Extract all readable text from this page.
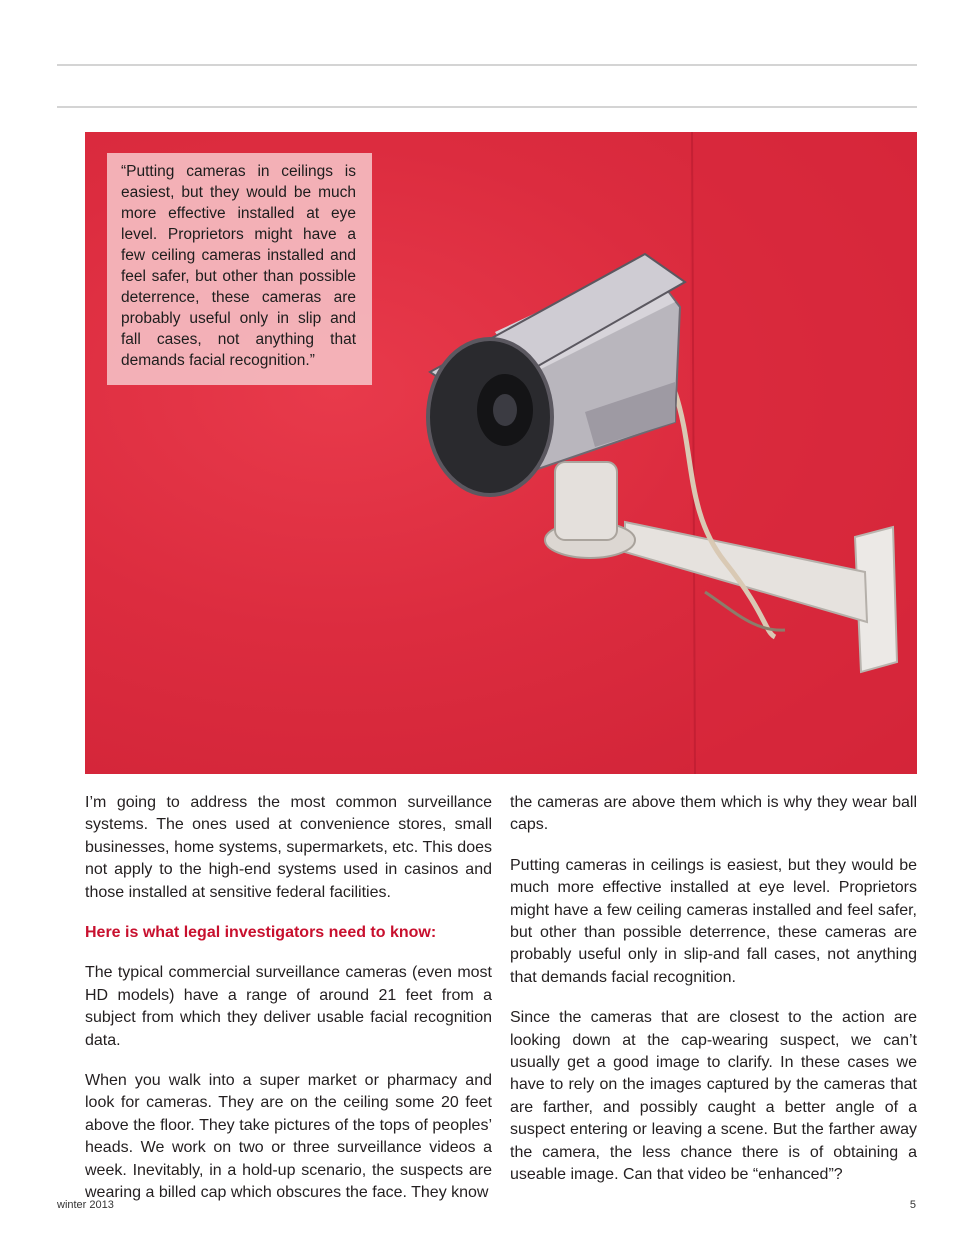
“Putting cameras in ceilings is easiest, but they would be much more effective installed at eye level. Proprietors might have a few ceiling cameras installed and feel safer, but other than possible deterrence, these cameras are probably useful only in slip and fall cases, not anything that demands facial recognition.”

I’m going to address the most common surveillance systems. The ones used at convenience stores, small businesses, home systems, supermarkets, etc. This does not apply to the high-end systems used in casinos and those installed at sensitive federal facilities.

Here is what legal investigators need to know:

The typical commercial surveillance cameras (even most HD models) have a range of around 21 feet from a subject from which they deliver usable facial recognition data.

When you walk into a super market or pharmacy and look for cameras. They are on the ceiling some 20 feet above the floor. They take pictures of the tops of peoples’ heads. We work on two or three surveillance videos a week. Inevitably, in a hold-up scenario, the suspects are wearing a billed cap which obscures the face. They know

the cameras are above them which is why they wear ball caps.

Putting cameras in ceilings is easiest, but they would be much more effective installed at eye level. Proprietors might have a few ceiling cameras installed and feel safer, but other than possible deterrence, these cameras are probably useful only in slip-and fall cases, not anything that demands facial recognition.

Since the cameras that are closest to the action are looking down at the cap-wearing suspect, we can’t usually get a good image to clarify. In these cases we have to rely on the images captured by the cameras that are farther, and possibly caught a better angle of a suspect entering or leaving a scene. But the farther away the camera, the less chance there is of obtaining a useable image. Can that video be “enhanced”?

winter 2013	5
